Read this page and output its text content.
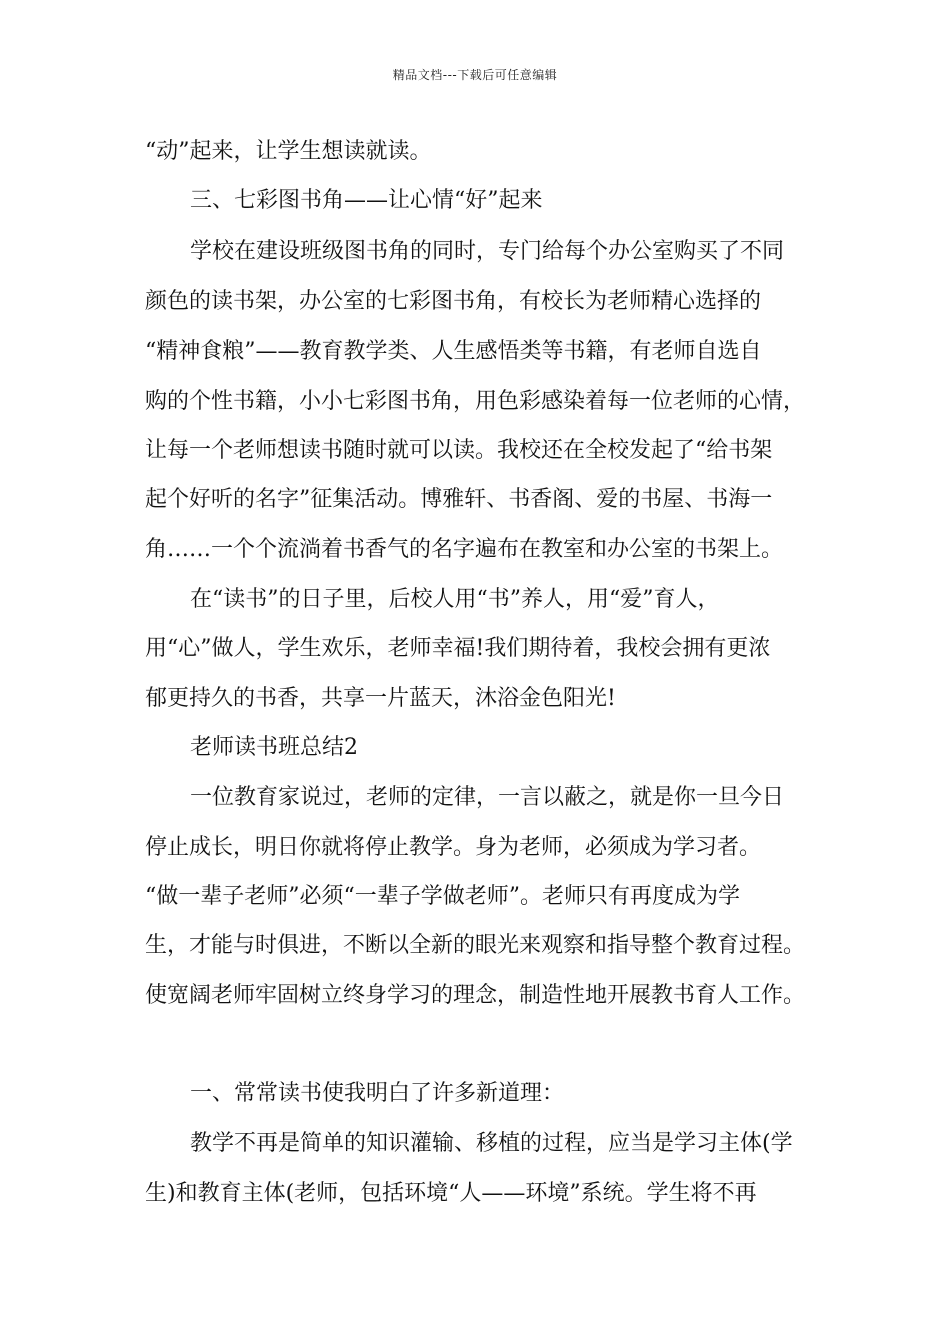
精品文档---下载后可任意编辑
“动”起来，让学生想读就读。
三、七彩图书角——让心情“好”起来
学校在建设班级图书角的同时，专门给每个办公室购买了不同
颜色的读书架，办公室的七彩图书角，有校长为老师精心选择的
“精神食粮”——教育教学类、人生感悟类等书籍，有老师自选自
购的个性书籍，小小七彩图书角，用色彩感染着每一位老师的心情，
让每一个老师想读书随时就可以读。我校还在全校发起了“给书架
起个好听的名字”征集活动。博雅轩、书香阁、爱的书屋、书海一
角……一个个流淌着书香气的名字遍布在教室和办公室的书架上。
在“读书”的日子里，后校人用“书”养人，用“爱”育人，
用“心”做人，学生欢乐，老师幸福!我们期待着，我校会拥有更浓
郁更持久的书香，共享一片蓝天，沐浴金色阳光!
老师读书班总结2
一位教育家说过，老师的定律，一言以蔽之，就是你一旦今日
停止成长，明日你就将停止教学。身为老师，必须成为学习者。
“做一辈子老师”必须“一辈子学做老师”。老师只有再度成为学
生，才能与时俱进，不断以全新的眼光来观察和指导整个教育过程。
使宽阔老师牢固树立终身学习的理念，制造性地开展教书育人工作。
一、常常读书使我明白了许多新道理：
教学不再是简单的知识灌输、移植的过程，应当是学习主体(学
生)和教育主体(老师，包括环境“人——环境”系统。学生将不再
